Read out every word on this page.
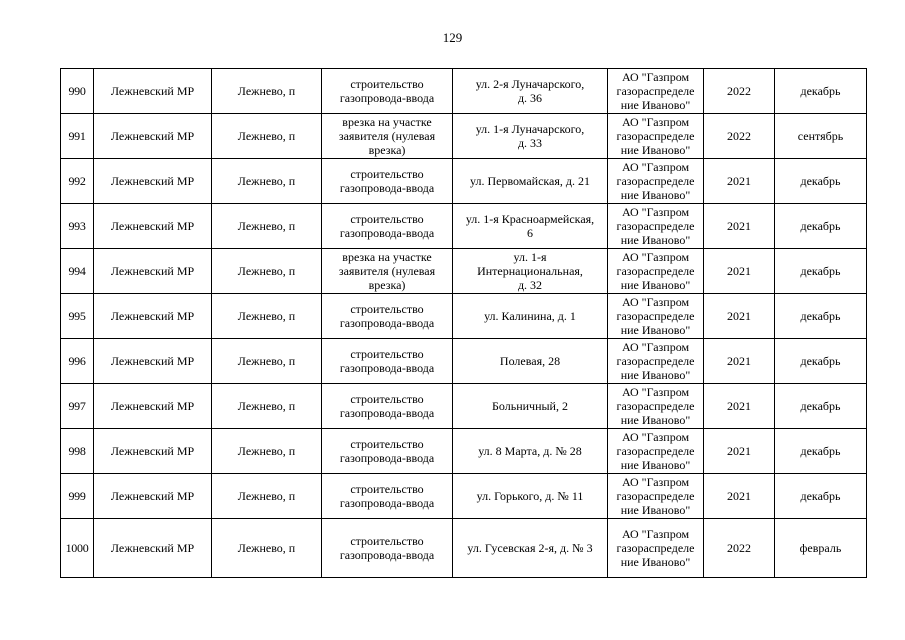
129
990	Лежневский МР	Лежнево, п	строительство
газопровода-ввода	ул. 2-я Луначарского,
д. 36	АО "Газпром
газораспределе
ние Иваново"	2022	декабрь
991	Лежневский МР	Лежнево, п	врезка на участке
заявителя (нулевая
врезка)	ул. 1-я Луначарского,
д. 33	АО "Газпром
газораспределе
ние Иваново"	2022	сентябрь
992	Лежневский МР	Лежнево, п	строительство
газопровода-ввода	ул. Первомайская, д. 21	АО "Газпром
газораспределе
ние Иваново"	2021	декабрь
993	Лежневский МР	Лежнево, п	строительство
газопровода-ввода	ул. 1-я Красноармейская,
6	АО "Газпром
газораспределе
ние Иваново"	2021	декабрь
994	Лежневский МР	Лежнево, п	врезка на участке
заявителя (нулевая
врезка)	ул. 1-я
Интернациональная,
д. 32	АО "Газпром
газораспределе
ние Иваново"	2021	декабрь
995	Лежневский МР	Лежнево, п	строительство
газопровода-ввода	ул. Калинина, д. 1	АО "Газпром
газораспределе
ние Иваново"	2021	декабрь
996	Лежневский МР	Лежнево, п	строительство
газопровода-ввода	Полевая, 28	АО "Газпром
газораспределе
ние Иваново"	2021	декабрь
997	Лежневский МР	Лежнево, п	строительство
газопровода-ввода	Больничный, 2	АО "Газпром
газораспределе
ние Иваново"	2021	декабрь
998	Лежневский МР	Лежнево, п	строительство
газопровода-ввода	ул. 8 Марта, д. № 28	АО "Газпром
газораспределе
ние Иваново"	2021	декабрь
999	Лежневский МР	Лежнево, п	строительство
газопровода-ввода	ул. Горького, д. № 11	АО "Газпром
газораспределе
ние Иваново"	2021	декабрь
1000	Лежневский МР	Лежнево, п	строительство
газопровода-ввода	ул. Гусевская 2-я, д. № 3	АО "Газпром
газораспределе
ние Иваново"	2022	февраль
